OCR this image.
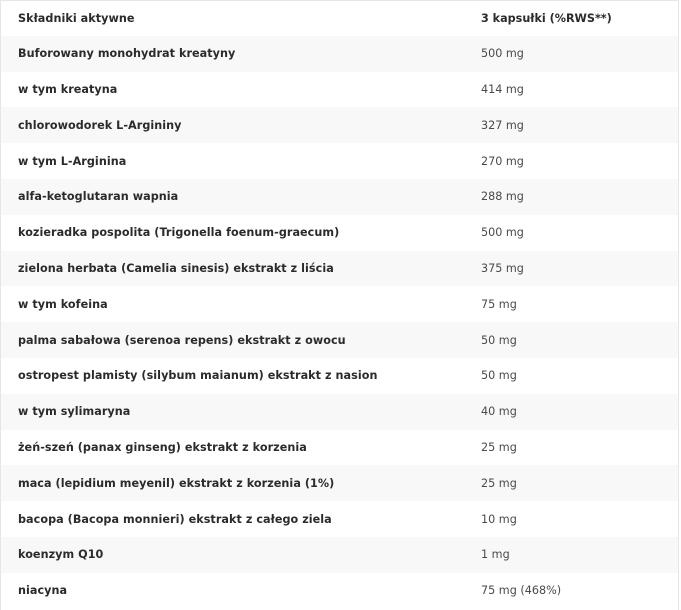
Składniki aktywne	3 kapsułki (%RWS**)
Buforowany monohydrat kreatyny	500 mg
w tym kreatyna	414 mg
chlorowodorek L-Argininy	327 mg
w tym L-Arginina	270 mg
alfa-ketoglutaran wapnia	288 mg
kozieradka pospolita (Trigonella foenum-graecum)	500 mg
zielona herbata (Camelia sinesis) ekstrakt z liścia	375 mg
w tym kofeina	75 mg
palma sabałowa (serenoa repens) ekstrakt z owocu	50 mg
ostropest plamisty (silybum maianum) ekstrakt z nasion	50 mg
w tym sylimaryna	40 mg
żeń-szeń (panax ginseng) ekstrakt z korzenia	25 mg
maca (lepidium meyenil) ekstrakt z korzenia (1%)	25 mg
bacopa (Bacopa monnieri) ekstrakt z całego ziela	10 mg
koenzym Q10	1 mg
niacyna	75 mg (468%)
